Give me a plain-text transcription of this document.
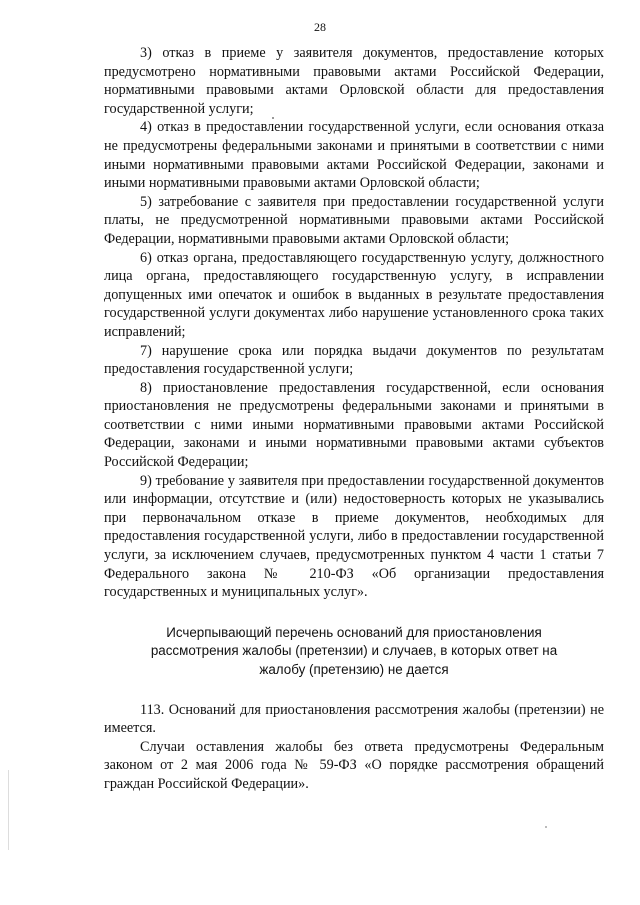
28

3) отказ в приеме у заявителя документов, предоставление которых предусмотрено нормативными правовыми актами Российской Федерации, нормативными правовыми актами Орловской области для предоставления государственной услуги;

4) отказ в предоставлении государственной услуги, если основания отказа не предусмотрены федеральными законами и принятыми в соответствии с ними иными нормативными правовыми актами Российской Федерации, законами и иными нормативными правовыми актами Орловской области;

5) затребование с заявителя при предоставлении государственной услуги платы, не предусмотренной нормативными правовыми актами Российской Федерации, нормативными правовыми актами Орловской области;

6) отказ органа, предоставляющего государственную услугу, должностного лица органа, предоставляющего государственную услугу, в исправлении допущенных ими опечаток и ошибок в выданных в результате предоставления государственной услуги документах либо нарушение установленного срока таких исправлений;

7) нарушение срока или порядка выдачи документов по результатам предоставления государственной услуги;

8) приостановление предоставления государственной, если основания приостановления не предусмотрены федеральными законами и принятыми в соответствии с ними иными нормативными правовыми актами Российской Федерации, законами и иными нормативными правовыми актами субъектов Российской Федерации;

9) требование у заявителя при предоставлении государственной документов или информации, отсутствие и (или) недостоверность которых не указывались при первоначальном отказе в приеме документов, необходимых для предоставления государственной услуги, либо в предоставлении государственной услуги, за исключением случаев, предусмотренных пунктом 4 части 1 статьи 7 Федерального закона № 210-ФЗ «Об организации предоставления государственных и муниципальных услуг».

Исчерпывающий перечень оснований для приостановления
рассмотрения жалобы (претензии) и случаев, в которых ответ на
жалобу (претензию) не дается

113. Оснований для приостановления рассмотрения жалобы (претензии) не имеется.

Случаи оставления жалобы без ответа предусмотрены Федеральным законом от 2 мая 2006 года № 59-ФЗ «О порядке рассмотрения обращений граждан Российской Федерации».
